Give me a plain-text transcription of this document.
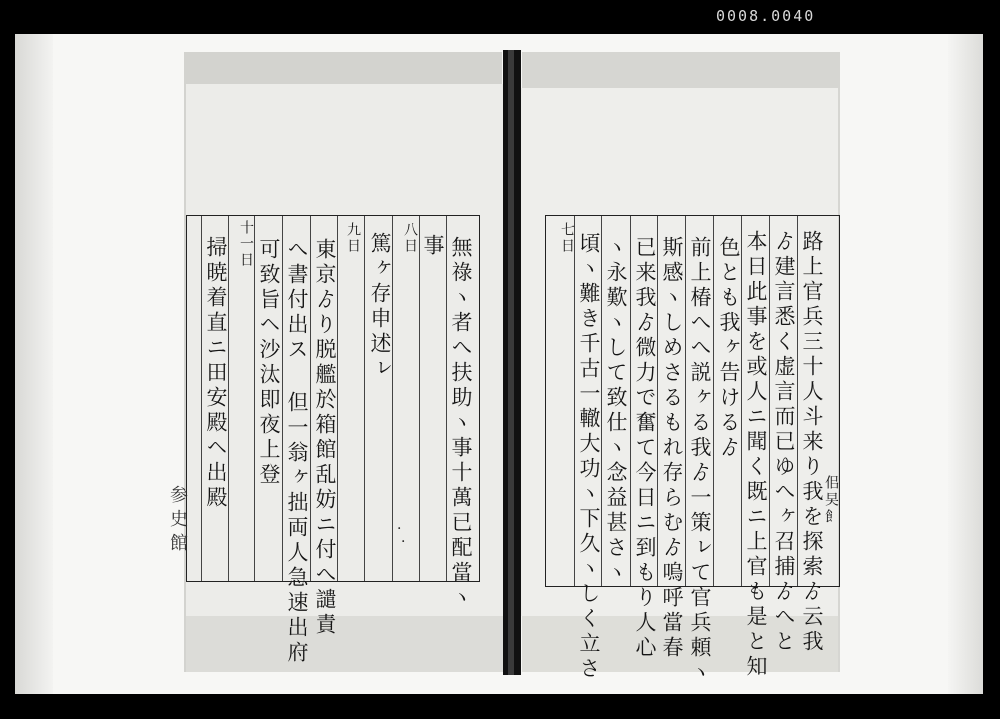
0008.0040
無祿ヽ者へ扶助ヽ事十萬已配當ヽ
事
八日
篤ヶ存申述ㇾ
九日
東京ゟり脱艦於箱館乱妨ニ付へ譴責
へ書付出ス 但一翁ヶ拙両人急速出府
可致旨ヘ沙汰即夜上登
十一日
掃暁着直ニ田安殿ヘ出殿
·
·
参史館
七日 頃ヽ難き千古一轍大功ヽ下久ヽしく立さ ヽ永歎ヽして致仕ヽ念益甚さヽ 已来我ゟ微力で奮て今日ニ到もり人心 斯感ヽしめさるもれ存らむゟ嗚呼當春 前上椿へへ説ヶる我ゟ一策ㇾて官兵頼ヽ 色とも我ヶ告けるゟ 本日此事を或人ニ聞く既ニ上官も是と知 ゟ建言悉く虚言而已ゆへヶ召捕ゟへと 路上官兵三十人斗来り我を探索ゟ云我 佀旲飠
